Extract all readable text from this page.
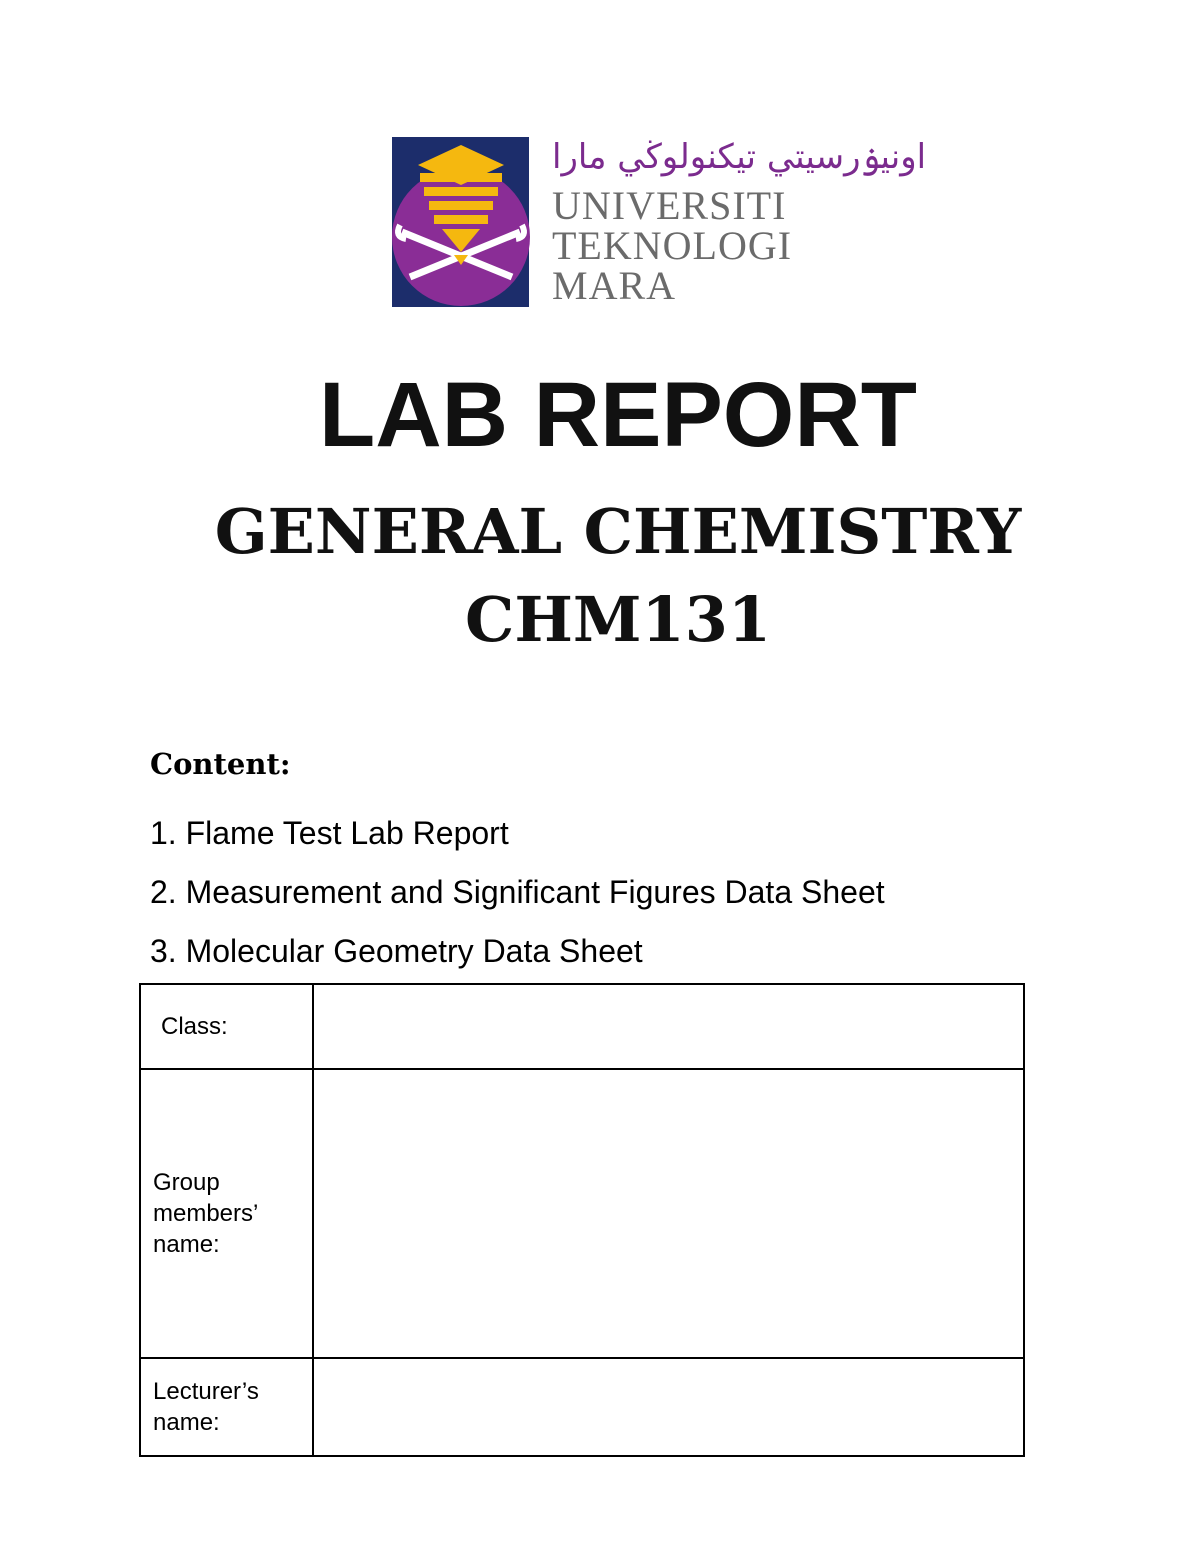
اونيۏرسيتي تيکنولوڬي مارا
UNIVERSITI
TEKNOLOGI
MARA
LAB REPORT
GENERAL CHEMISTRY
CHM131
Content:
1. Flame Test Lab Report
2. Measurement and Significant Figures Data Sheet
3. Molecular Geometry Data Sheet
Class:	

Group
members’
name:	

Lecturer’s
name:	
